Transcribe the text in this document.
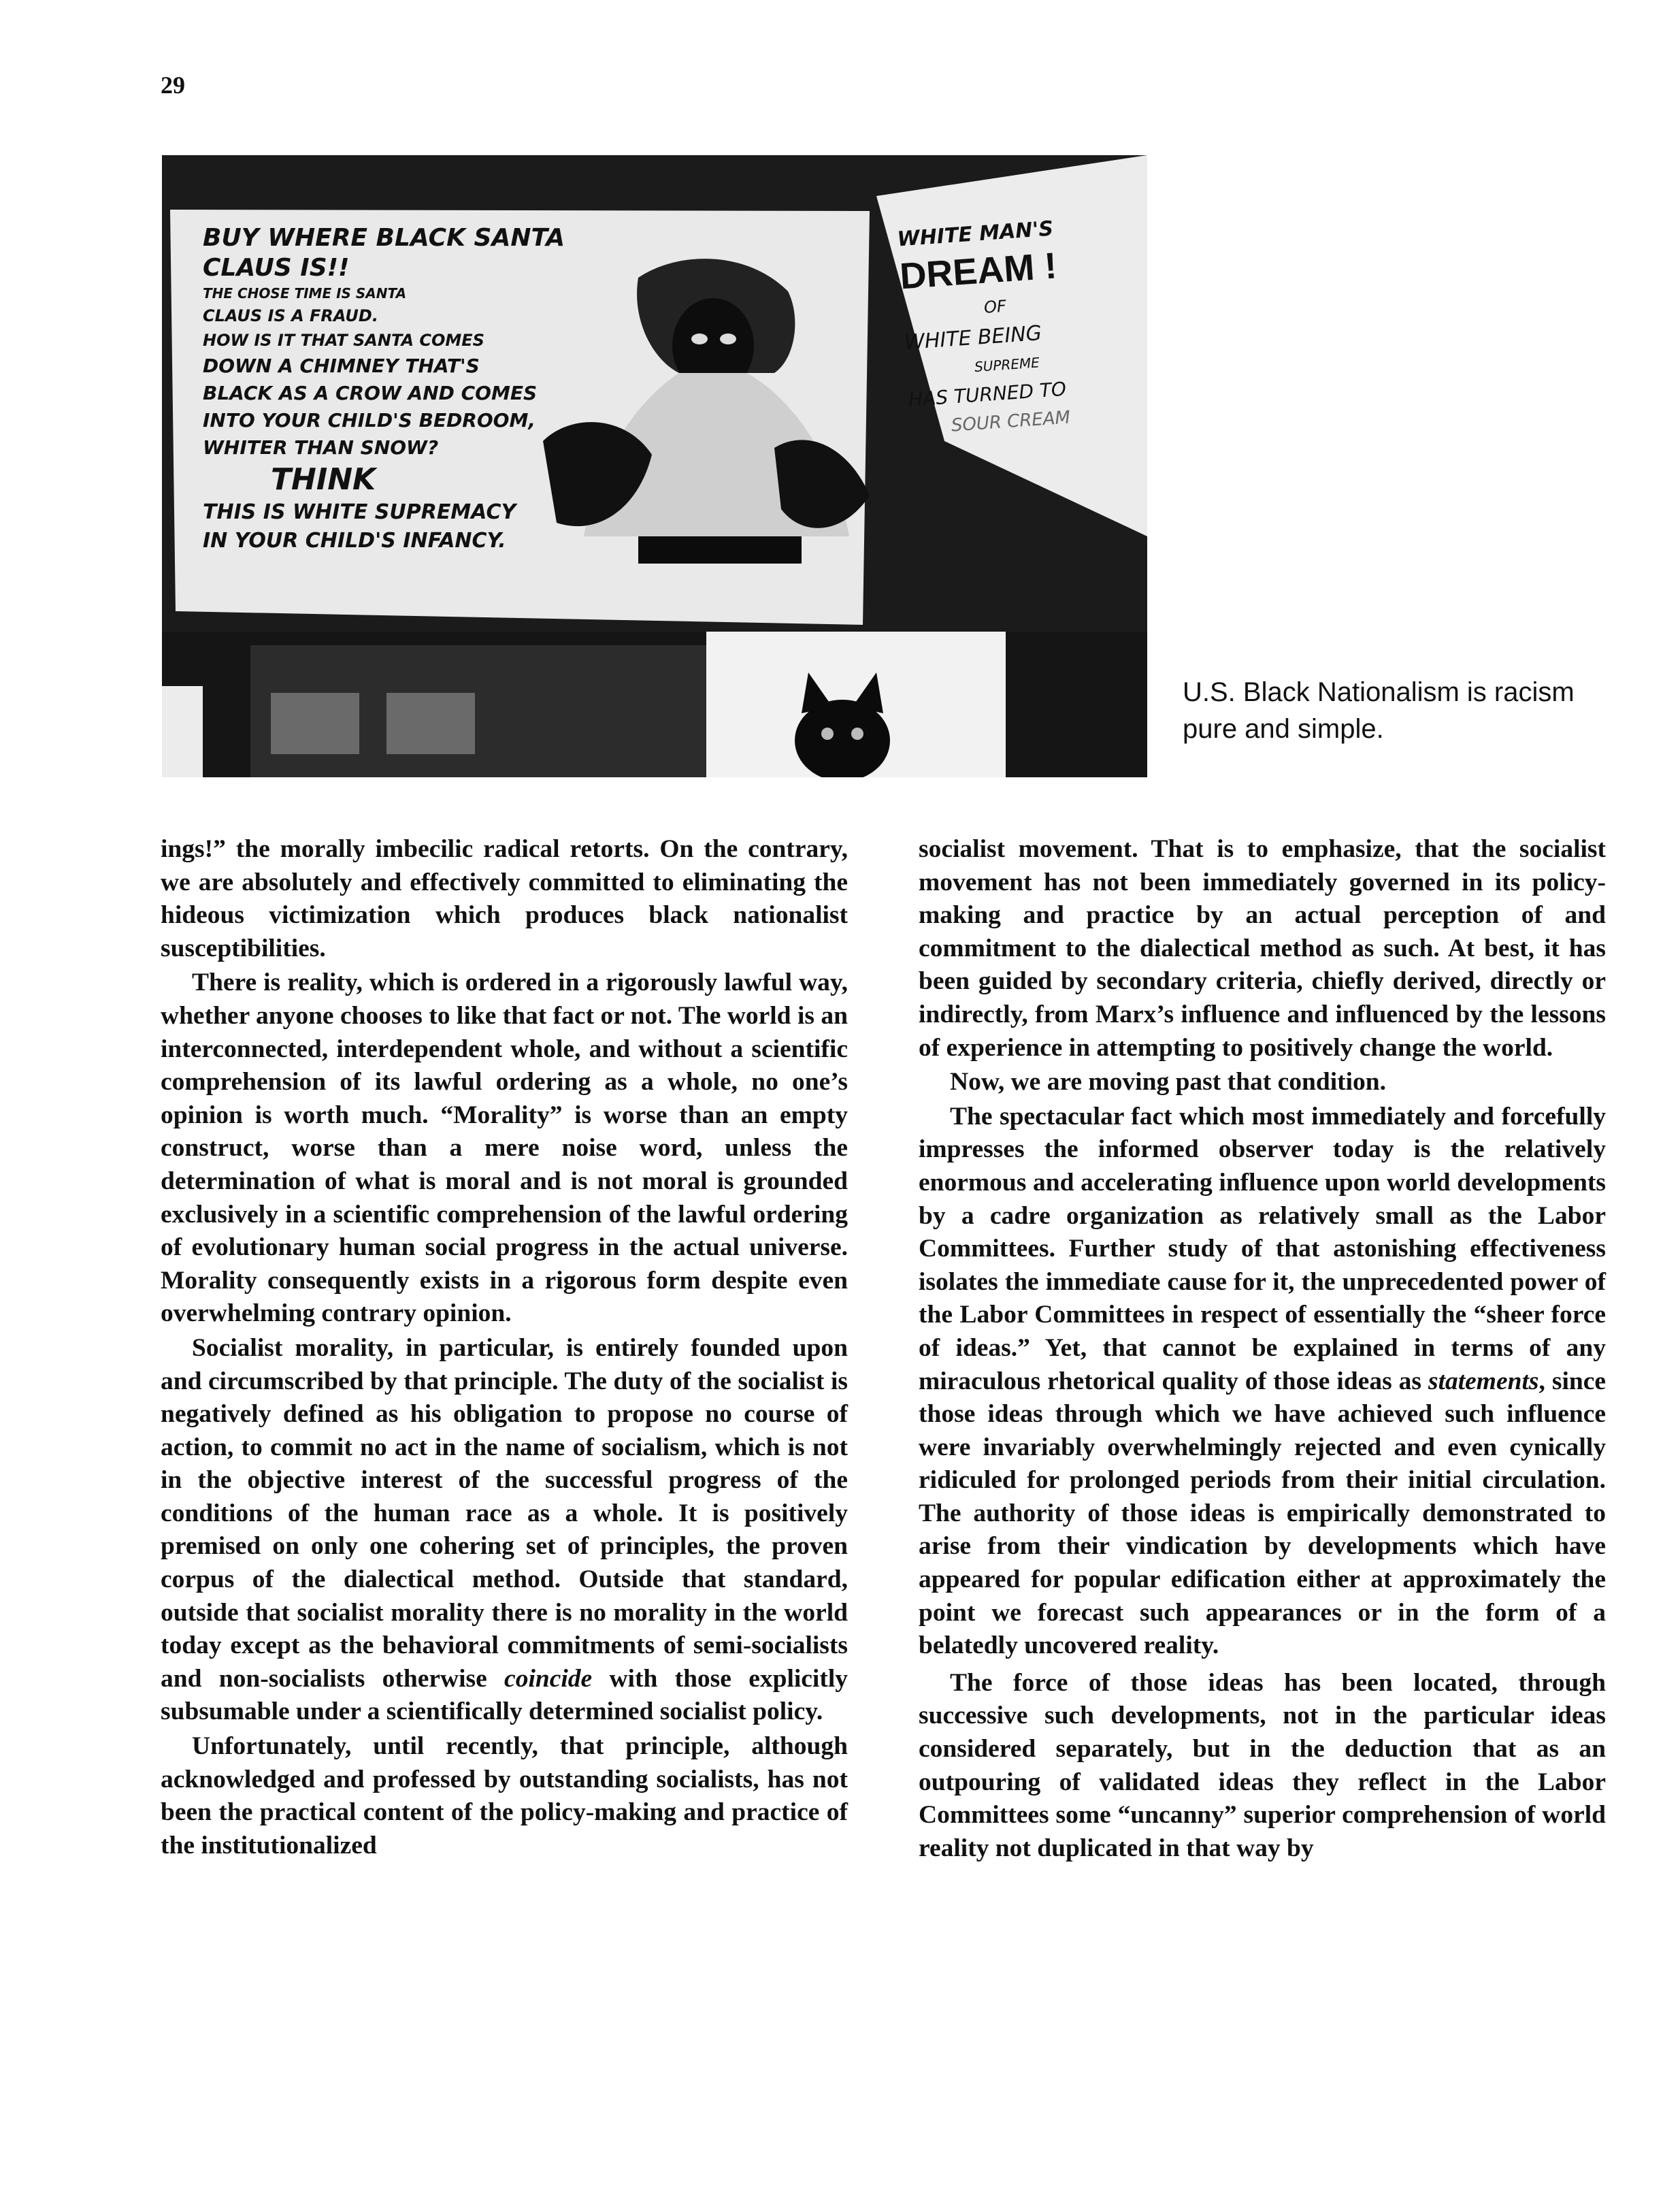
29
BUY WHERE BLACK SANTA CLAUS IS!!
THE CHOSE TIME IS SANTA
CLAUS IS A FRAUD.
HOW IS IT THAT SANTA COMES
DOWN A CHIMNEY THAT'S
BLACK AS A CROW AND COMES
INTO YOUR CHILD'S BEDROOM,
WHITER THAN SNOW?
THINK
THIS IS WHITE SUPREMACY
IN YOUR CHILD'S INFANCY.
WHITE MAN'S
DREAM !
OF
WHITE BEING
SUPREME
HAS TURNED TO
SOUR CREAM
U.S. Black Nationalism is racism pure and simple.

ings!” the morally imbecilic radical retorts. On the contrary, we are absolutely and effectively committed to eliminating the hideous victimization which produces black nationalist susceptibilities.

There is reality, which is ordered in a rigorously lawful way, whether anyone chooses to like that fact or not. The world is an interconnected, interdependent whole, and without a scientific comprehension of its lawful ordering as a whole, no one’s opinion is worth much. “Morality” is worse than an empty construct, worse than a mere noise word, unless the determination of what is moral and is not moral is grounded exclusively in a scientific comprehension of the lawful ordering of evolutionary human social progress in the actual universe. Morality consequently exists in a rigorous form despite even overwhelming contrary opinion.

Socialist morality, in particular, is entirely founded upon and circumscribed by that principle. The duty of the socialist is negatively defined as his obligation to propose no course of action, to commit no act in the name of socialism, which is not in the objective interest of the successful progress of the conditions of the human race as a whole. It is positively premised on only one cohering set of principles, the proven corpus of the dialectical method. Outside that standard, outside that socialist morality there is no morality in the world today except as the behavioral commitments of semi-socialists and non-socialists otherwise coincide with those explicitly subsumable under a scientifically determined socialist policy.

Unfortunately, until recently, that principle, although acknowledged and professed by outstanding socialists, has not been the practical content of the policy-making and practice of the institutionalized

socialist movement. That is to emphasize, that the socialist movement has not been immediately governed in its policy-making and practice by an actual perception of and commitment to the dialectical method as such. At best, it has been guided by secondary criteria, chiefly derived, directly or indirectly, from Marx’s influence and influenced by the lessons of experience in attempting to positively change the world.

Now, we are moving past that condition.

The spectacular fact which most immediately and forcefully impresses the informed observer today is the relatively enormous and accelerating influence upon world developments by a cadre organization as relatively small as the Labor Committees. Further study of that astonishing effectiveness isolates the immediate cause for it, the unprecedented power of the Labor Committees in respect of essentially the “sheer force of ideas.” Yet, that cannot be explained in terms of any miraculous rhetorical quality of those ideas as statements, since those ideas through which we have achieved such influence were invariably overwhelmingly rejected and even cynically ridiculed for prolonged periods from their initial circulation. The authority of those ideas is empirically demonstrated to arise from their vindication by developments which have appeared for popular edification either at approximately the point we forecast such appearances or in the form of a belatedly uncovered reality.

The force of those ideas has been located, through successive such developments, not in the particular ideas considered separately, but in the deduction that as an outpouring of validated ideas they reflect in the Labor Committees some “uncanny” superior comprehension of world reality not duplicated in that way by
